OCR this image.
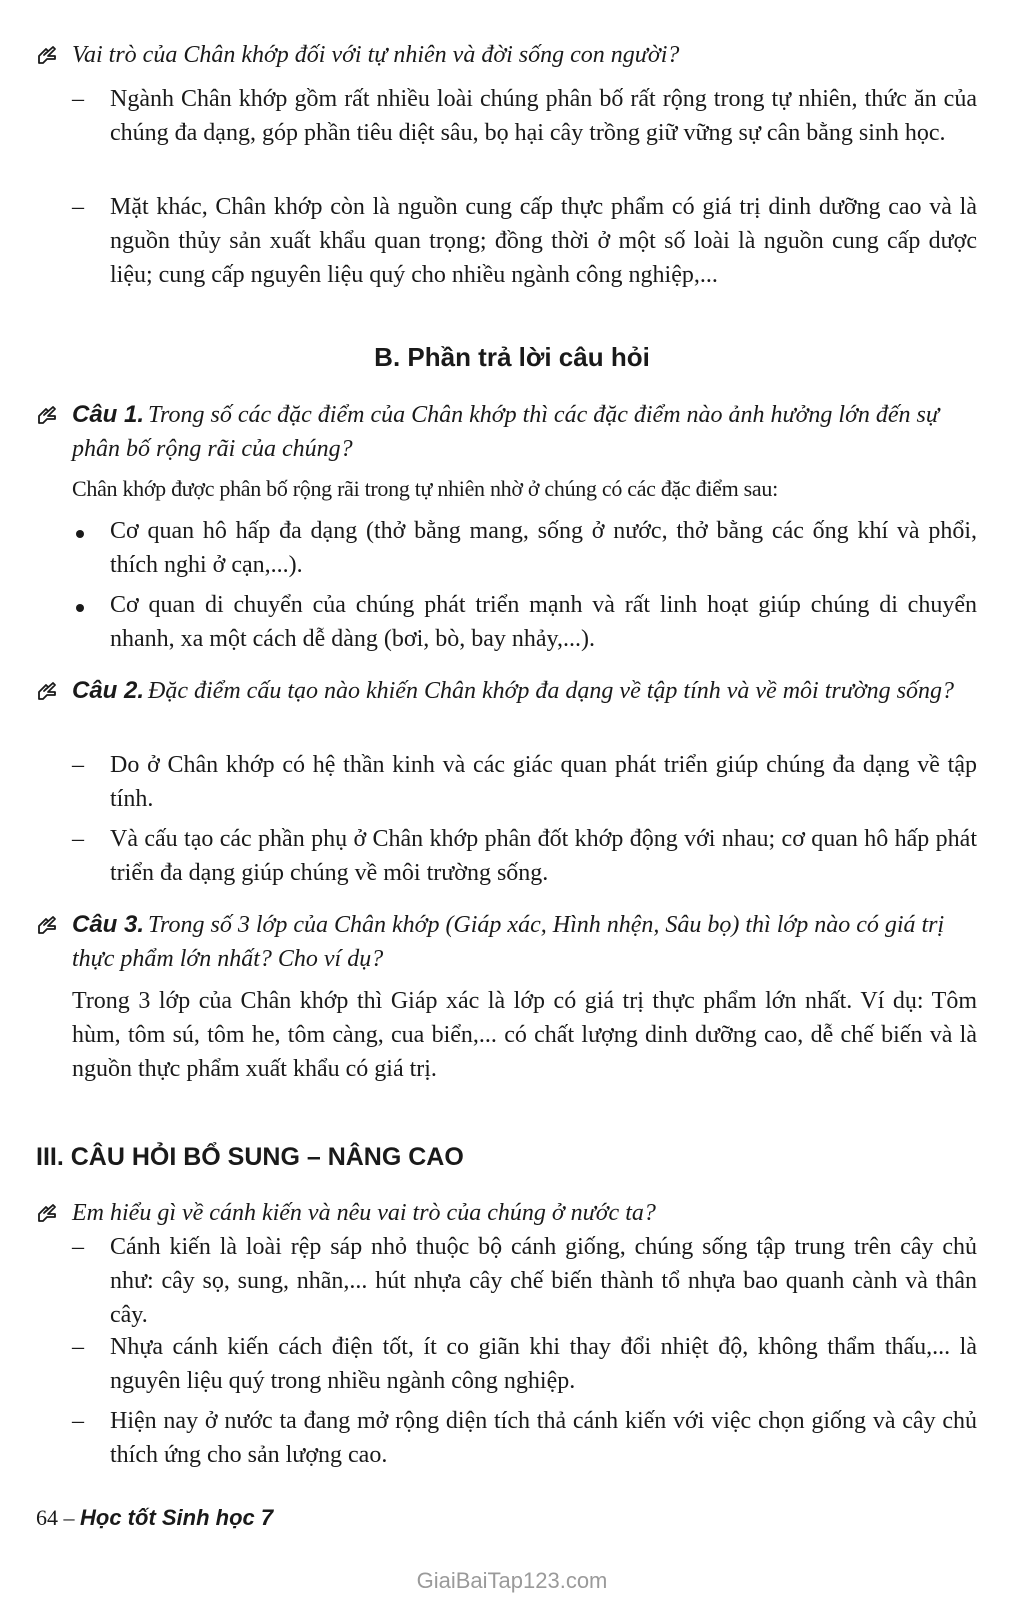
Vai trò của Chân khớp đối với tự nhiên và đời sống con người?
–	Ngành Chân khớp gồm rất nhiều loài chúng phân bố rất rộng trong tự nhiên, thức ăn của chúng đa dạng, góp phần tiêu diệt sâu, bọ hại cây trồng giữ vững sự cân bằng sinh học.
–	Mặt khác, Chân khớp còn là nguồn cung cấp thực phẩm có giá trị dinh dưỡng cao và là nguồn thủy sản xuất khẩu quan trọng; đồng thời ở một số loài là nguồn cung cấp dược liệu; cung cấp nguyên liệu quý cho nhiều ngành công nghiệp,...
B. Phần trả lời câu hỏi
Câu 1. Trong số các đặc điểm của Chân khớp thì các đặc điểm nào ảnh hưởng lớn đến sự phân bố rộng rãi của chúng?
Chân khớp được phân bố rộng rãi trong tự nhiên nhờ ở chúng có các đặc điểm sau:
Cơ quan hô hấp đa dạng (thở bằng mang, sống ở nước, thở bằng các ống khí và phổi, thích nghi ở cạn,...).
Cơ quan di chuyển của chúng phát triển mạnh và rất linh hoạt giúp chúng di chuyển nhanh, xa một cách dễ dàng (bơi, bò, bay nhảy,...).
Câu 2. Đặc điểm cấu tạo nào khiến Chân khớp đa dạng về tập tính và về môi trường sống?
–	Do ở Chân khớp có hệ thần kinh và các giác quan phát triển giúp chúng đa dạng về tập tính.
–	Và cấu tạo các phần phụ ở Chân khớp phân đốt khớp động với nhau; cơ quan hô hấp phát triển đa dạng giúp chúng về môi trường sống.
Câu 3. Trong số 3 lớp của Chân khớp (Giáp xác, Hình nhện, Sâu bọ) thì lớp nào có giá trị thực phẩm lớn nhất? Cho ví dụ?
Trong 3 lớp của Chân khớp thì Giáp xác là lớp có giá trị thực phẩm lớn nhất. Ví dụ: Tôm hùm, tôm sú, tôm he, tôm càng, cua biển,... có chất lượng dinh dưỡng cao, dễ chế biến và là nguồn thực phẩm xuất khẩu có giá trị.
III. CÂU HỎI BỔ SUNG – NÂNG CAO
Em hiểu gì về cánh kiến và nêu vai trò của chúng ở nước ta?
–	Cánh kiến là loài rệp sáp nhỏ thuộc bộ cánh giống, chúng sống tập trung trên cây chủ như: cây sọ, sung, nhãn,... hút nhựa cây chế biến thành tổ nhựa bao quanh cành và thân cây.
–	Nhựa cánh kiến cách điện tốt, ít co giãn khi thay đổi nhiệt độ, không thẩm thấu,... là nguyên liệu quý trong nhiều ngành công nghiệp.
–	Hiện nay ở nước ta đang mở rộng diện tích thả cánh kiến với việc chọn giống và cây chủ thích ứng cho sản lượng cao.
64 – Học tốt Sinh học 7
GiaiBaiTap123.com
